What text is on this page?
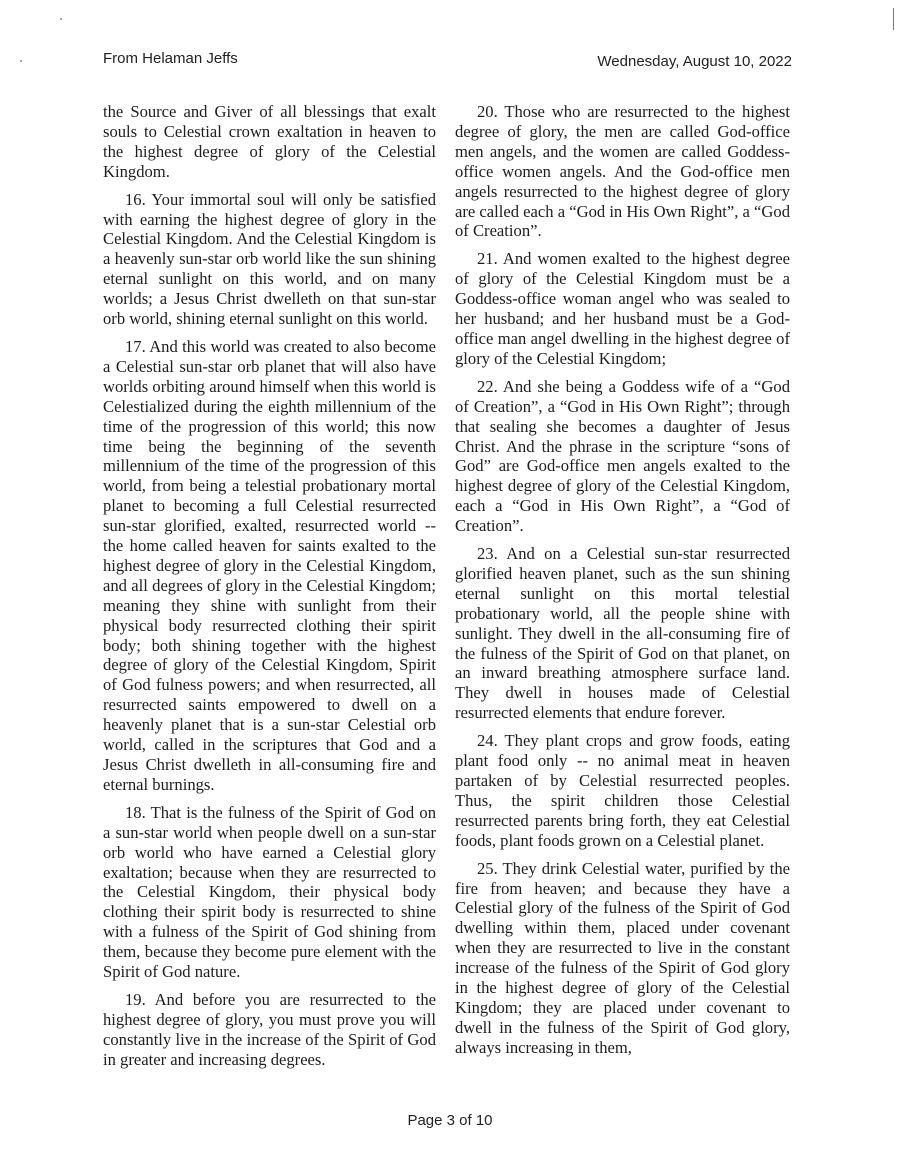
From Helaman Jeffs	Wednesday, August 10, 2022

the Source and Giver of all blessings that exalt souls to Celestial crown exaltation in heaven to the highest degree of glory of the Celestial Kingdom.

16. Your immortal soul will only be satisfied with earning the highest degree of glory in the Celestial Kingdom. And the Celestial Kingdom is a heavenly sun-star orb world like the sun shining eternal sunlight on this world, and on many worlds; a Jesus Christ dwelleth on that sun-star orb world, shining eternal sunlight on this world.

17. And this world was created to also become a Celestial sun-star orb planet that will also have worlds orbiting around himself when this world is Celestialized during the eighth millennium of the time of the progression of this world; this now time being the beginning of the seventh millennium of the time of the progression of this world, from being a telestial probationary mortal planet to becoming a full Celestial resurrected sun-star glorified, exalted, resurrected world -- the home called heaven for saints exalted to the highest degree of glory in the Celestial Kingdom, and all degrees of glory in the Celestial Kingdom; meaning they shine with sunlight from their physical body resurrected clothing their spirit body; both shining together with the highest degree of glory of the Celestial Kingdom, Spirit of God fulness powers; and when resurrected, all resurrected saints empowered to dwell on a heavenly planet that is a sun-star Celestial orb world, called in the scriptures that God and a Jesus Christ dwelleth in all-consuming fire and eternal burnings.

18. That is the fulness of the Spirit of God on a sun-star world when people dwell on a sun-star orb world who have earned a Celestial glory exaltation; because when they are resurrected to the Celestial Kingdom, their physical body clothing their spirit body is resurrected to shine with a fulness of the Spirit of God shining from them, because they become pure element with the Spirit of God nature.

19. And before you are resurrected to the highest degree of glory, you must prove you will constantly live in the increase of the Spirit of God in greater and increasing degrees.

20. Those who are resurrected to the highest degree of glory, the men are called God-office men angels, and the women are called Goddess-office women angels. And the God-office men angels resurrected to the highest degree of glory are called each a “God in His Own Right”, a “God of Creation”.

21. And women exalted to the highest degree of glory of the Celestial Kingdom must be a Goddess-office woman angel who was sealed to her husband; and her husband must be a God-office man angel dwelling in the highest degree of glory of the Celestial Kingdom;

22. And she being a Goddess wife of a “God of Creation”, a “God in His Own Right”; through that sealing she becomes a daughter of Jesus Christ. And the phrase in the scripture “sons of God” are God-office men angels exalted to the highest degree of glory of the Celestial Kingdom, each a “God in His Own Right”, a “God of Creation”.

23. And on a Celestial sun-star resurrected glorified heaven planet, such as the sun shining eternal sunlight on this mortal telestial probationary world, all the people shine with sunlight. They dwell in the all-consuming fire of the fulness of the Spirit of God on that planet, on an inward breathing atmosphere surface land. They dwell in houses made of Celestial resurrected elements that endure forever.

24. They plant crops and grow foods, eating plant food only -- no animal meat in heaven partaken of by Celestial resurrected peoples. Thus, the spirit children those Celestial resurrected parents bring forth, they eat Celestial foods, plant foods grown on a Celestial planet.

25. They drink Celestial water, purified by the fire from heaven; and because they have a Celestial glory of the fulness of the Spirit of God dwelling within them, placed under covenant when they are resurrected to live in the constant increase of the fulness of the Spirit of God glory in the highest degree of glory of the Celestial Kingdom; they are placed under covenant to dwell in the fulness of the Spirit of God glory, always increasing in them,

Page 3 of 10
